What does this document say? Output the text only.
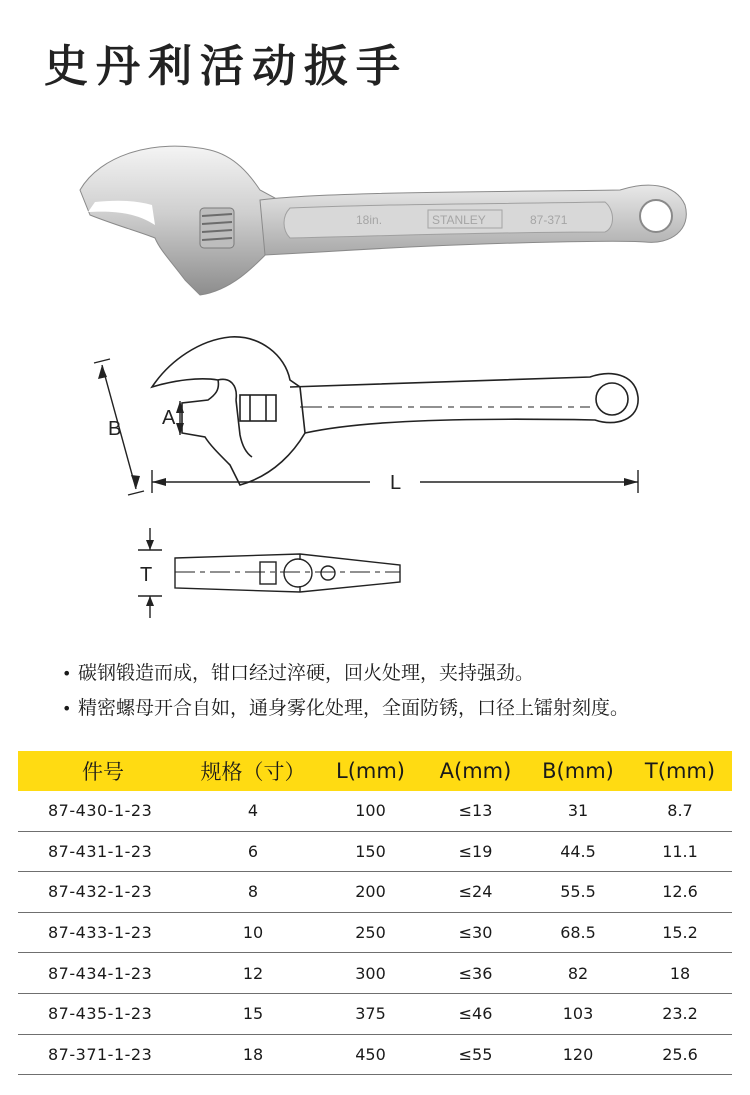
史丹利活动扳手
18in.	STANLEY	87-371
B A
L
T
• 碳钢锻造而成，钳口经过淬硬，回火处理，夹持强劲。
• 精密螺母开合自如，通身雾化处理，全面防锈，口径上镭射刻度。
件号	规格（寸）	L(mm)	A(mm)	B(mm)	T(mm)
87-430-1-23	4	100	≤13	31	8.7
87-431-1-23	6	150	≤19	44.5	11.1
87-432-1-23	8	200	≤24	55.5	12.6
87-433-1-23	10	250	≤30	68.5	15.2
87-434-1-23	12	300	≤36	82	18
87-435-1-23	15	375	≤46	103	23.2
87-371-1-23	18	450	≤55	120	25.6
